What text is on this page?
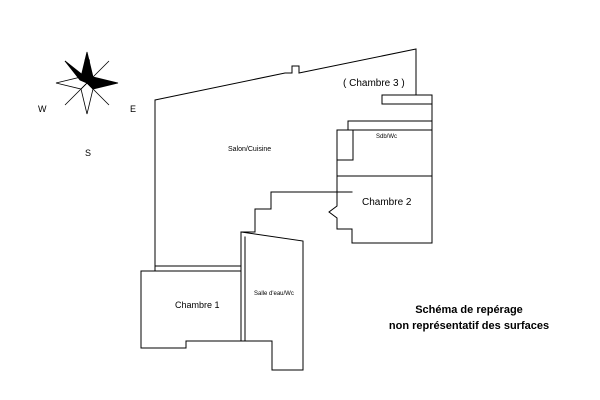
N
S
E
W
Salon/Cuisine
( Chambre 3 )
Sdb/Wc
Chambre 2
Chambre 1
Salle d'eau/Wc
Schéma de repérage
non représentatif des surfaces
